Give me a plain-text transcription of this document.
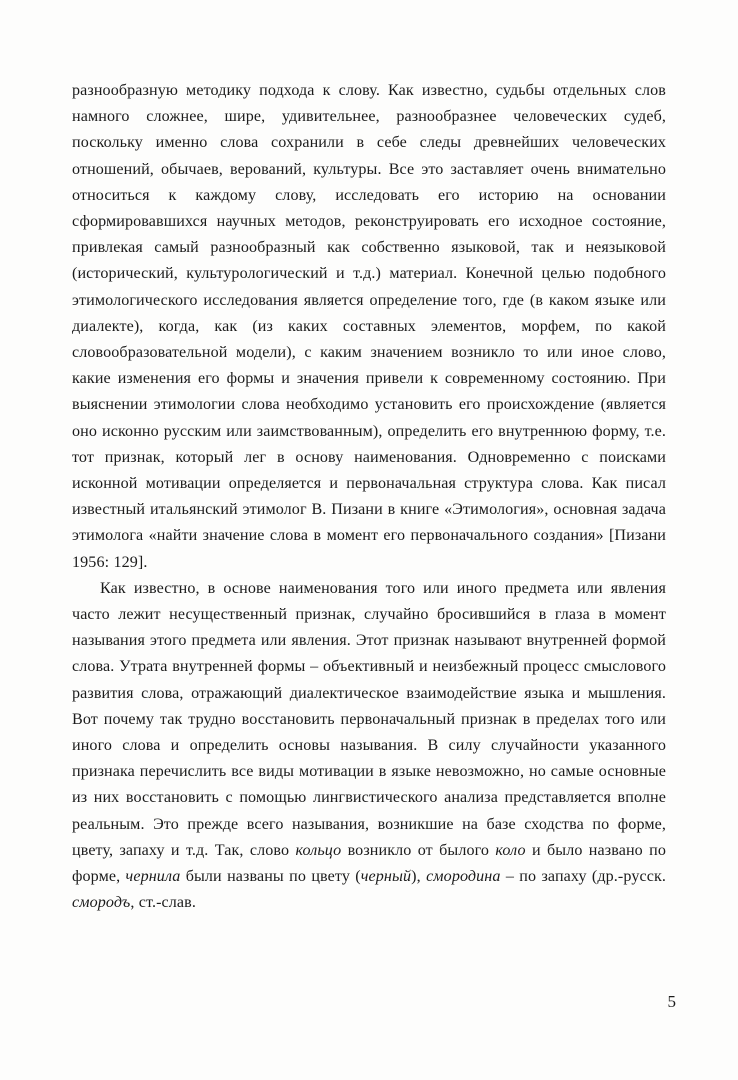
разнообразную методику подхода к слову. Как известно, судьбы отдельных слов намного сложнее, шире, удивительнее, разнообразнее человеческих судеб, поскольку именно слова сохранили в себе следы древнейших человеческих отношений, обычаев, верований, культуры. Все это заставляет очень внимательно относиться к каждому слову, исследовать его историю на основании сформировавшихся научных методов, реконструировать его исходное состояние, привлекая самый разнообразный как собственно языковой, так и неязыковой (исторический, культурологический и т.д.) материал. Конечной целью подобного этимологического исследования является определение того, где (в каком языке или диалекте), когда, как (из каких составных элементов, морфем, по какой словообразовательной модели), с каким значением возникло то или иное слово, какие изменения его формы и значения привели к современному состоянию. При выяснении этимологии слова необходимо установить его происхождение (является оно исконно русским или заимствованным), определить его внутреннюю форму, т.е. тот признак, который лег в основу наименования. Одновременно с поисками исконной мотивации определяется и первоначальная структура слова. Как писал известный итальянский этимолог В. Пизани в книге «Этимология», основная задача этимолога «найти значение слова в момент его первоначального создания» [Пизани 1956: 129].

Как известно, в основе наименования того или иного предмета или явления часто лежит несущественный признак, случайно бросившийся в глаза в момент называния этого предмета или явления. Этот признак называют внутренней формой слова. Утрата внутренней формы – объективный и неизбежный процесс смыслового развития слова, отражающий диалектическое взаимодействие языка и мышления. Вот почему так трудно восстановить первоначальный признак в пределах того или иного слова и определить основы называния. В силу случайности указанного признака перечислить все виды мотивации в языке невозможно, но самые основные из них восстановить с помощью лингвистического анализа представляется вполне реальным. Это прежде всего называния, возникшие на базе сходства по форме, цвету, запаху и т.д. Так, слово кольцо возникло от былого коло и было названо по форме, чернила были названы по цвету (черный), смородина – по запаху (др.-русск. смородъ, ст.-слав.

5
